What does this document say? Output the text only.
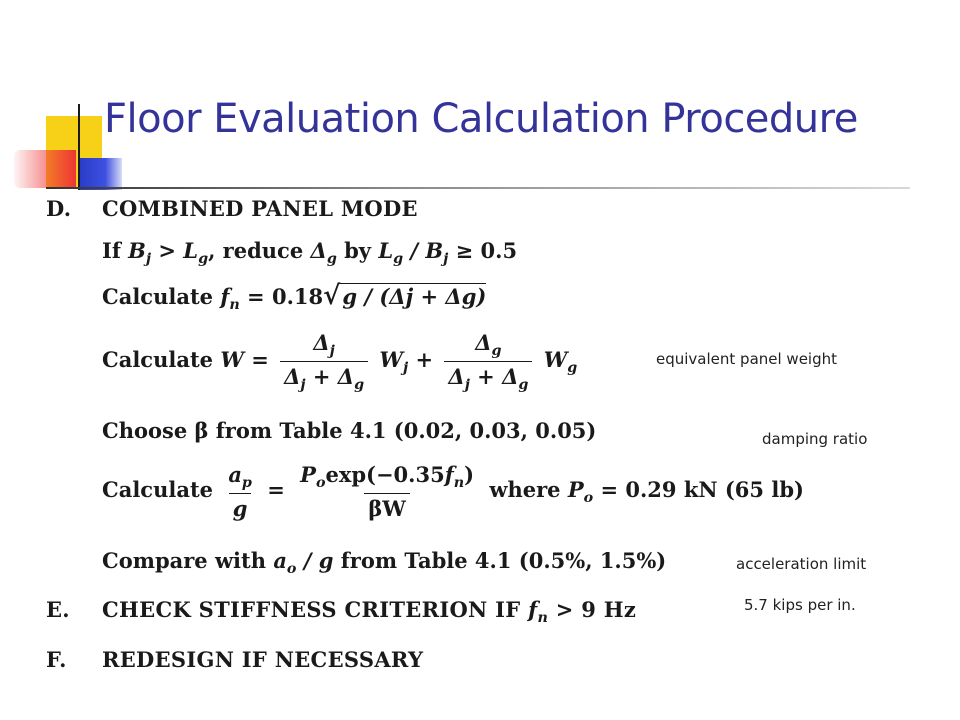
Floor Evaluation Calculation Procedure
D. COMBINED PANEL MODE
If $B_j > L_g$, reduce $\Delta_g$ by $L_g / B_j \ge 0.5$
Calculate $f_n = 0.18√g / (\Delta j + \Delta g)$
Calculate $W = \frac{\Delta_j}{\Delta_j + \Delta_g} W_j + \frac{\Delta_g}{\Delta_j + \Delta_g} W_g$
Choose β from Table 4.1 (0.02, 0.03, 0.05)
Calculate $\frac{a_p}{g} = \frac{P_o\exp(-0.35f_n)}{\beta W}$ where $P_o = 0.29$ kN (65 lb)
Compare with $a_o$ / g from Table 4.1 (0.5%, 1.5%)
E. CHECK STIFFNESS CRITERION IF $f_n > 9$ Hz
F. REDESIGN IF NECESSARY
equivalent panel weight
damping ratio
acceleration limit
5.7 kips per in.
